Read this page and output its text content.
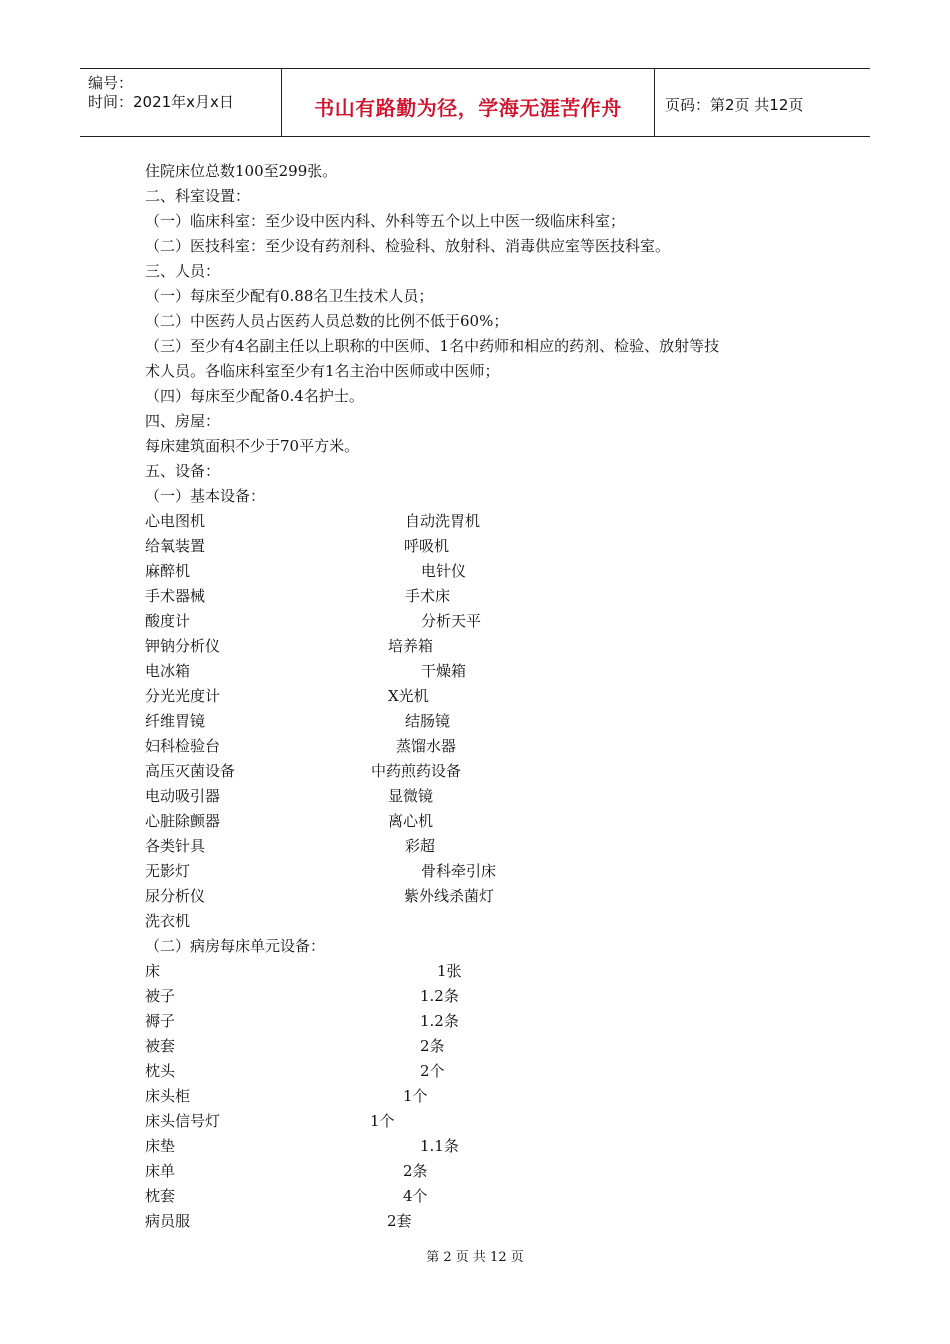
编号：
时间：2021年x月x日	书山有路勤为径，学海无涯苦作舟	页码：第2页 共12页
住院床位总数100至299张。
二、科室设置：
（一）临床科室：至少设中医内科、外科等五个以上中医一级临床科室；
（二）医技科室：至少设有药剂科、检验科、放射科、消毒供应室等医技科室。
三、人员：
（一）每床至少配有0.88名卫生技术人员；
（二）中医药人员占医药人员总数的比例不低于60%；
（三）至少有4名副主任以上职称的中医师、1名中药师和相应的药剂、检验、放射等技
术人员。各临床科室至少有1名主治中医师或中医师；
（四）每床至少配备0.4名护士。
四、房屋：
每床建筑面积不少于70平方米。
五、设备：
（一）基本设备：
心电图机	自动洗胃机
给氧装置	呼吸机
麻醉机	电针仪
手术器械	手术床
酸度计	分析天平
钾钠分析仪	培养箱
电冰箱	干燥箱
分光光度计	X光机
纤维胃镜	结肠镜
妇科检验台	蒸馏水器
高压灭菌设备	中药煎药设备
电动吸引器	显微镜
心脏除颤器	离心机
各类针具	彩超
无影灯	骨科牵引床
尿分析仪	紫外线杀菌灯
洗衣机
（二）病房每床单元设备：
床	1张
被子	1.2条
褥子	1.2条
被套	2条
枕头	2个
床头柜	1个
床头信号灯	1个
床垫	1.1条
床单	2条
枕套	4个
病员服	2套
第 2 页 共 12 页
